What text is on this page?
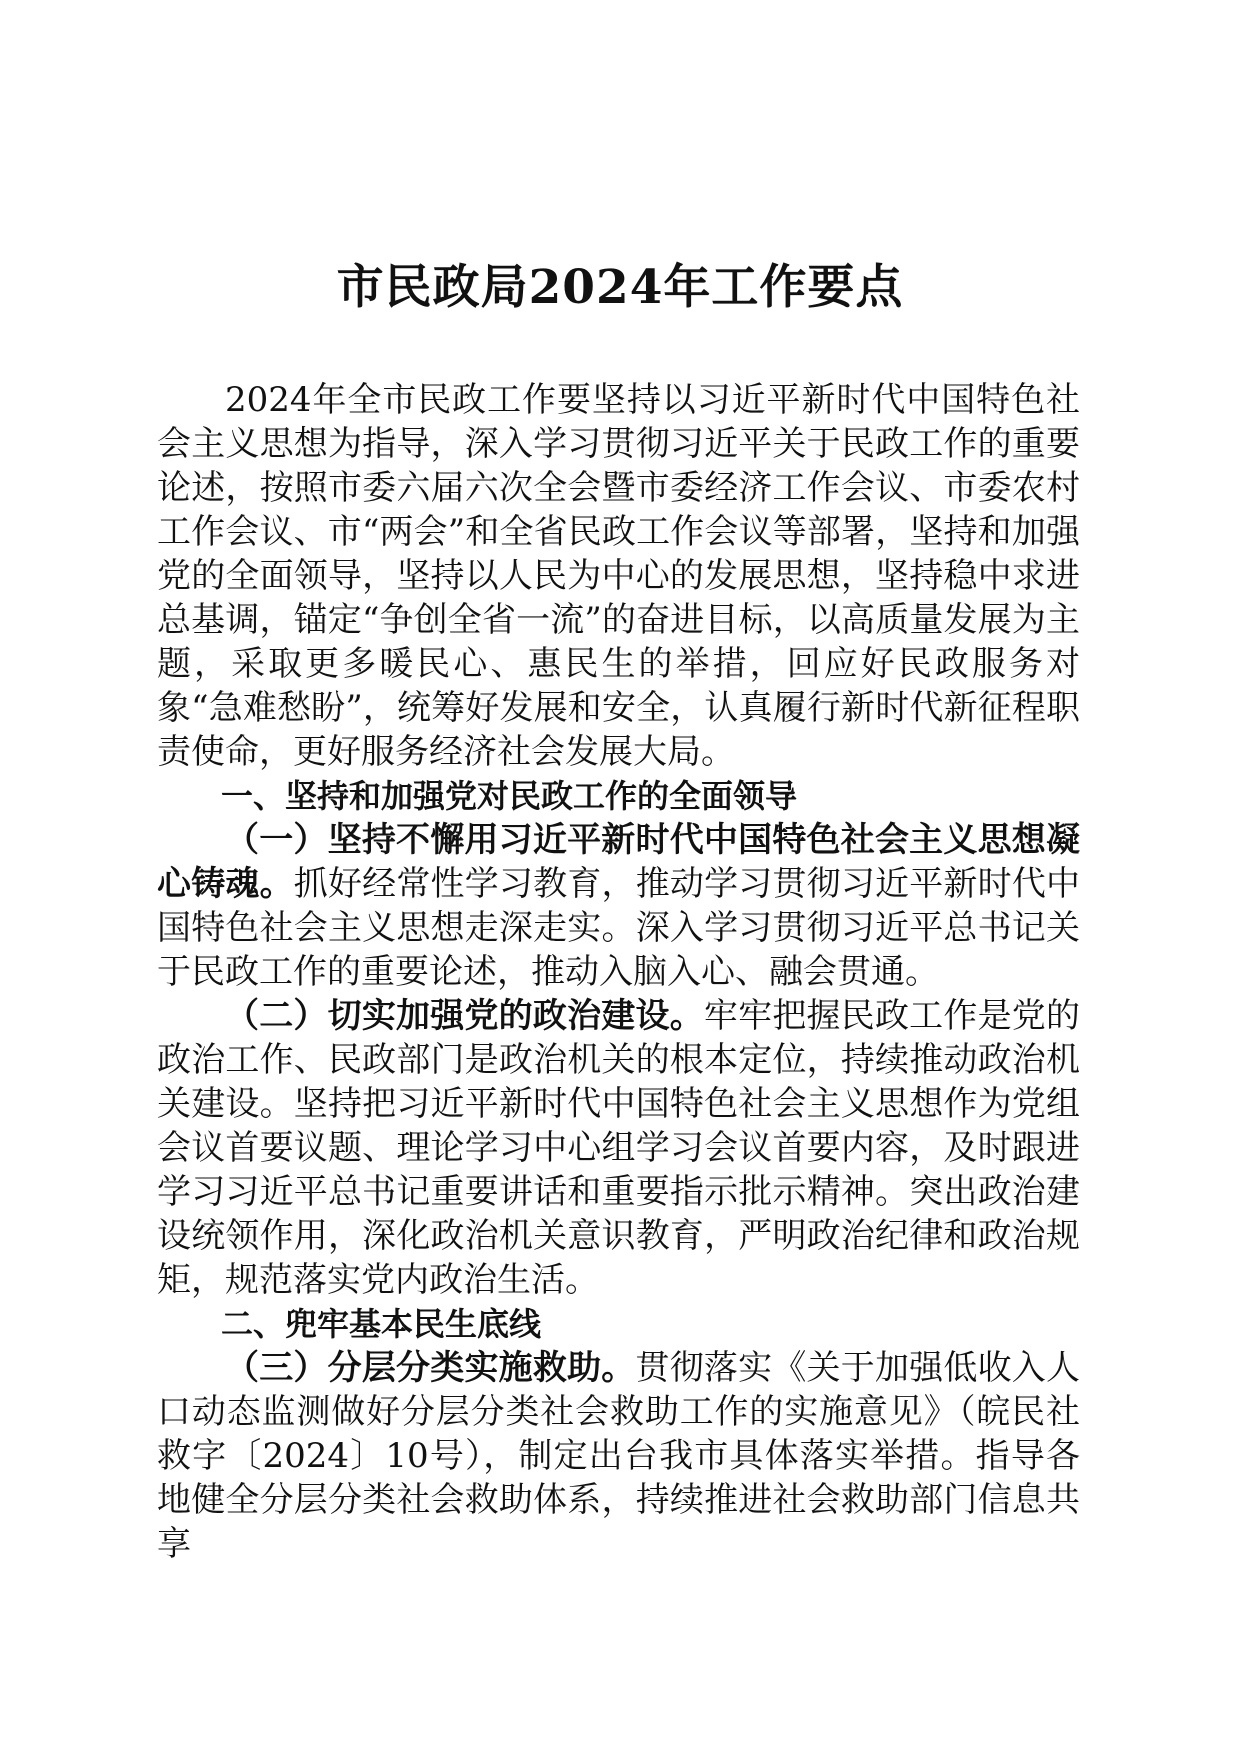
市民政局2024年工作要点

2024年全市民政工作要坚持以习近平新时代中国特色社会主义思想为指导，深入学习贯彻习近平关于民政工作的重要论述，按照市委六届六次全会暨市委经济工作会议、市委农村工作会议、市“两会”和全省民政工作会议等部署，坚持和加强党的全面领导，坚持以人民为中心的发展思想，坚持稳中求进总基调，锚定“争创全省一流”的奋进目标，以高质量发展为主题，采取更多暖民心、惠民生的举措，回应好民政服务对象“急难愁盼”，统筹好发展和安全，认真履行新时代新征程职责使命，更好服务经济社会发展大局。

一、坚持和加强党对民政工作的全面领导

（一）坚持不懈用习近平新时代中国特色社会主义思想凝心铸魂。抓好经常性学习教育，推动学习贯彻习近平新时代中国特色社会主义思想走深走实。深入学习贯彻习近平总书记关于民政工作的重要论述，推动入脑入心、融会贯通。

（二）切实加强党的政治建设。牢牢把握民政工作是党的政治工作、民政部门是政治机关的根本定位，持续推动政治机关建设。坚持把习近平新时代中国特色社会主义思想作为党组会议首要议题、理论学习中心组学习会议首要内容，及时跟进学习习近平总书记重要讲话和重要指示批示精神。突出政治建设统领作用，深化政治机关意识教育，严明政治纪律和政治规矩，规范落实党内政治生活。

二、兜牢基本民生底线

（三）分层分类实施救助。贯彻落实《关于加强低收入人口动态监测做好分层分类社会救助工作的实施意见》（皖民社救字〔2024〕10号），制定出台我市具体落实举措。指导各地健全分层分类社会救助体系，持续推进社会救助部门信息共享
